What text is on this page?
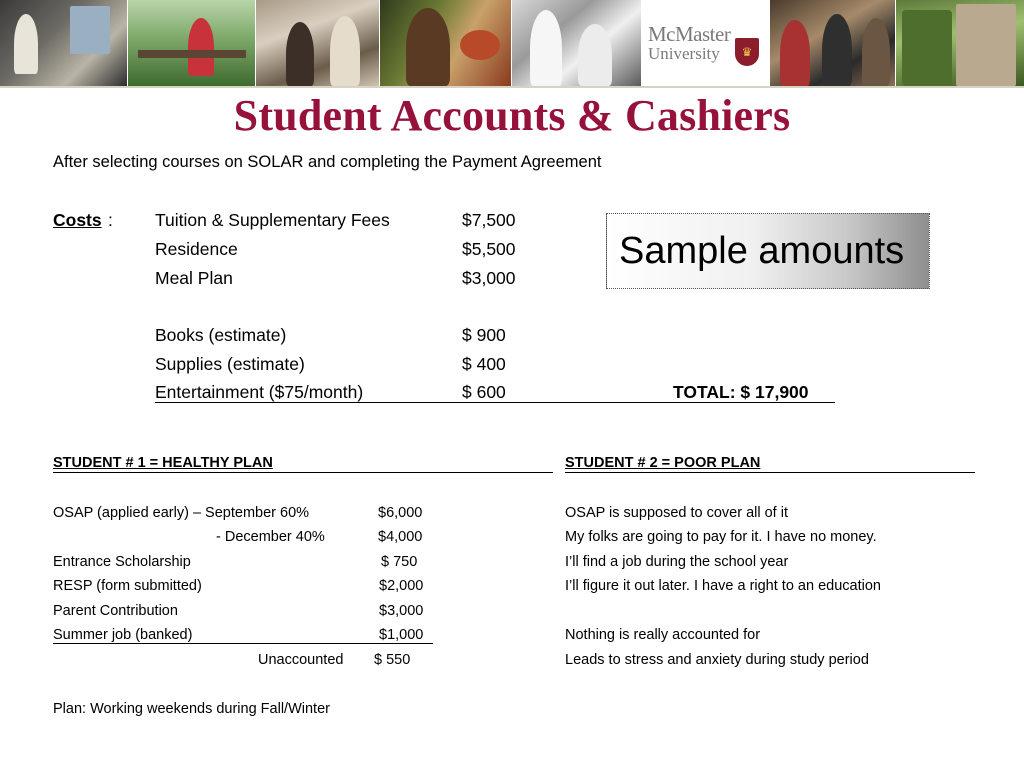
McMaster
University	♛
Student Accounts & Cashiers
After selecting courses on SOLAR and completing the Payment Agreement
Costs : Tuition & Supplementary Fees	$7,500
Residence	$5,500
Meal Plan	$3,000
Books (estimate)	$ 900
Supplies (estimate)	$ 400
Entertainment ($75/month)	$ 600	TOTAL: $ 17,900
Sample amounts
STUDENT # 1 = HEALTHY PLAN	STUDENT # 2 = POOR PLAN
OSAP (applied early) – September 60%	$6,000
- December 40%	$4,000
Entrance Scholarship	$ 750
RESP (form submitted)	$2,000
Parent Contribution	$3,000
Summer job (banked)	$1,000
Unaccounted $ 550
Plan: Working weekends during Fall/Winter
OSAP is supposed to cover all of it
My folks are going to pay for it. I have no money.
I’ll find a job during the school year
I’ll figure it out later. I have a right to an education
Nothing is really accounted for
Leads to stress and anxiety during study period
